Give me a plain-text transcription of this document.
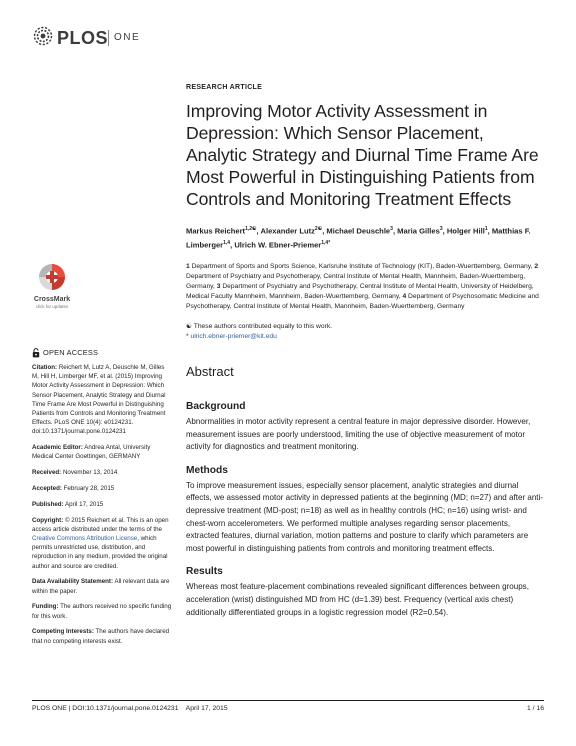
PLOS ONE
CrossMark
click for updates

OPEN ACCESS

Citation: Reichert M, Lutz A, Deuschle M, Gilles M, Hill H, Limberger MF, et al. (2015) Improving Motor Activity Assessment in Depression: Which Sensor Placement, Analytic Strategy and Diurnal Time Frame Are Most Powerful in Distinguishing Patients from Controls and Monitoring Treatment Effects. PLoS ONE 10(4): e0124231. doi:10.1371/journal.pone.0124231

Academic Editor: Andrea Antal, University Medical Center Goettingen, GERMANY

Received: November 13, 2014

Accepted: February 28, 2015

Published: April 17, 2015

Copyright: © 2015 Reichert et al. This is an open access article distributed under the terms of the Creative Commons Attribution License, which permits unrestricted use, distribution, and reproduction in any medium, provided the original author and source are credited.

Data Availability Statement: All relevant data are within the paper.

Funding: The authors received no specific funding for this work.

Competing Interests: The authors have declared that no competing interests exist.

RESEARCH ARTICLE

Improving Motor Activity Assessment in Depression: Which Sensor Placement, Analytic Strategy and Diurnal Time Frame Are Most Powerful in Distinguishing Patients from Controls and Monitoring Treatment Effects

Markus Reichert$^{1,2☯}$, Alexander Lutz$^{2☯}$, Michael Deuschle$^3$, Maria Gilles$^3$, Holger Hill$^1$, Matthias F. Limberger$^{1,4}$, Ulrich W. Ebner-Priemer$^{1,4*}$

1 Department of Sports and Sports Science, Karlsruhe Institute of Technology (KIT), Baden-Wuerttemberg, Germany, 2 Department of Psychiatry and Psychotherapy, Central Institute of Mental Health, Mannheim, Baden-Wuerttemberg, Germany, 3 Department of Psychiatry and Psychotherapy, Central Institute of Mental Health, University of Heidelberg, Medical Faculty Mannheim, Mannheim, Baden-Wuerttemberg, Germany, 4 Department of Psychosomatic Medicine and Psychotherapy, Central Institute of Mental Health, Mannheim, Baden-Wuerttemberg, Germany
☯ These authors contributed equally to this work.
* ulrich.ebner-priemer@kit.edu
Abstract
Background

Abnormalities in motor activity represent a central feature in major depressive disorder. However, measurement issues are poorly understood, limiting the use of objective measurement of motor activity for diagnostics and treatment monitoring.

Methods

To improve measurement issues, especially sensor placement, analytic strategies and diurnal effects, we assessed motor activity in depressed patients at the beginning (MD; n=27) and after anti-depressive treatment (MD-post; n=18) as well as in healthy controls (HC; n=16) using wrist- and chest-worn accelerometers. We performed multiple analyses regarding sensor placements, extracted features, diurnal variation, motion patterns and posture to clarify which parameters are most powerful in distinguishing patients from controls and monitoring treatment effects.

Results

Whereas most feature-placement combinations revealed significant differences between groups, acceleration (wrist) distinguished MD from HC (d=1.39) best. Frequency (vertical axis chest) additionally differentiated groups in a logistic regression model (R2=0.54).

PLOS ONE | DOI:10.1371/journal.pone.0124231    April 17, 2015	1 / 16
